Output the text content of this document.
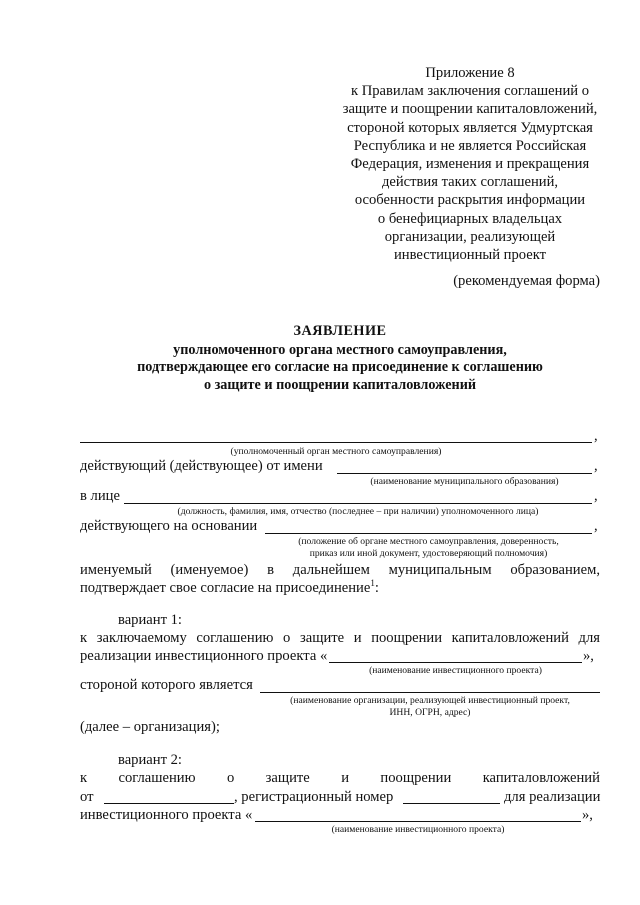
Приложение 8
к Правилам заключения соглашений о
защите и поощрении капиталовложений,
стороной которых является Удмуртская
Республика и не является Российская
Федерация, изменения и прекращения
действия таких соглашений,
особенности раскрытия информации
о бенефициарных владельцах
организации, реализующей
инвестиционный проект
(рекомендуемая форма)
ЗАЯВЛЕНИЕ
уполномоченного органа местного самоуправления,
подтверждающее его согласие на присоединение к соглашению
о защите и поощрении капиталовложений
,
(уполномоченный орган местного самоуправления)
действующий (действующее) от имени	,
(наименование муниципального образования)
в лице	,
(должность, фамилия, имя, отчество (последнее – при наличии) уполномоченного лица)
действующего на основании	,
(положение об органе местного самоуправления, доверенность,
приказ или иной документ, удостоверяющий полномочия)
именуемый (именуемое) в дальнейшем муниципальным образованием,
подтверждает свое согласие на присоединение$^1$:
вариант 1:
к заключаемому соглашению о защите и поощрении капиталовложений для
реализации инвестиционного проекта «	»,
(наименование инвестиционного проекта)
стороной которого является
(наименование организации, реализующей инвестиционный проект,
ИНН, ОГРН, адрес)
(далее – организация);
вариант 2:
к соглашению о защите и поощрении капиталовложений
от	, регистрационный номер	для реализации
инвестиционного проекта «	»,
(наименование инвестиционного проекта)
